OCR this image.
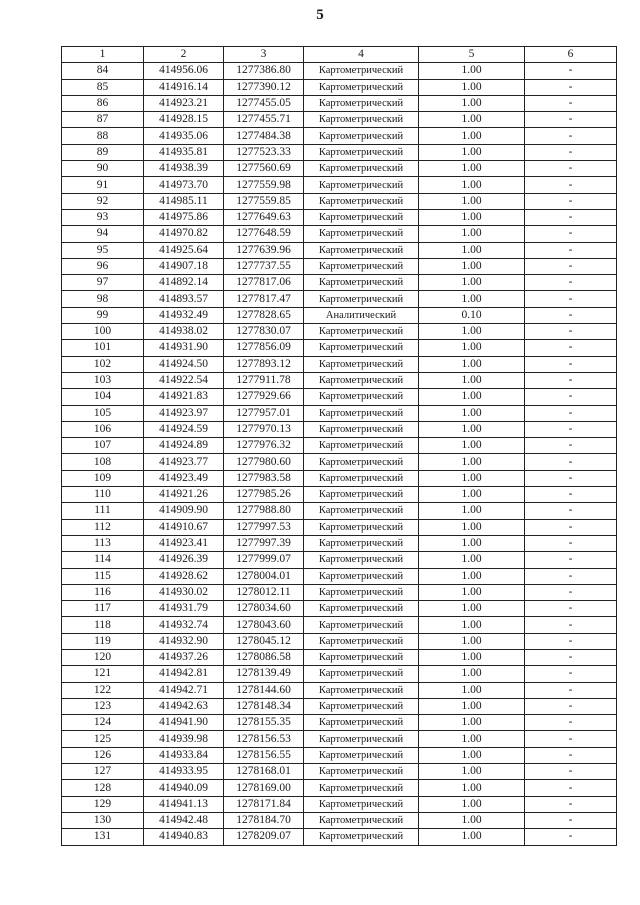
5
1	2	3	4	5	6
84	414956.06	1277386.80	Картометрический	1.00	-
85	414916.14	1277390.12	Картометрический	1.00	-
86	414923.21	1277455.05	Картометрический	1.00	-
87	414928.15	1277455.71	Картометрический	1.00	-
88	414935.06	1277484.38	Картометрический	1.00	-
89	414935.81	1277523.33	Картометрический	1.00	-
90	414938.39	1277560.69	Картометрический	1.00	-
91	414973.70	1277559.98	Картометрический	1.00	-
92	414985.11	1277559.85	Картометрический	1.00	-
93	414975.86	1277649.63	Картометрический	1.00	-
94	414970.82	1277648.59	Картометрический	1.00	-
95	414925.64	1277639.96	Картометрический	1.00	-
96	414907.18	1277737.55	Картометрический	1.00	-
97	414892.14	1277817.06	Картометрический	1.00	-
98	414893.57	1277817.47	Картометрический	1.00	-
99	414932.49	1277828.65	Аналитический	0.10	-
100	414938.02	1277830.07	Картометрический	1.00	-
101	414931.90	1277856.09	Картометрический	1.00	-
102	414924.50	1277893.12	Картометрический	1.00	-
103	414922.54	1277911.78	Картометрический	1.00	-
104	414921.83	1277929.66	Картометрический	1.00	-
105	414923.97	1277957.01	Картометрический	1.00	-
106	414924.59	1277970.13	Картометрический	1.00	-
107	414924.89	1277976.32	Картометрический	1.00	-
108	414923.77	1277980.60	Картометрический	1.00	-
109	414923.49	1277983.58	Картометрический	1.00	-
110	414921.26	1277985.26	Картометрический	1.00	-
111	414909.90	1277988.80	Картометрический	1.00	-
112	414910.67	1277997.53	Картометрический	1.00	-
113	414923.41	1277997.39	Картометрический	1.00	-
114	414926.39	1277999.07	Картометрический	1.00	-
115	414928.62	1278004.01	Картометрический	1.00	-
116	414930.02	1278012.11	Картометрический	1.00	-
117	414931.79	1278034.60	Картометрический	1.00	-
118	414932.74	1278043.60	Картометрический	1.00	-
119	414932.90	1278045.12	Картометрический	1.00	-
120	414937.26	1278086.58	Картометрический	1.00	-
121	414942.81	1278139.49	Картометрический	1.00	-
122	414942.71	1278144.60	Картометрический	1.00	-
123	414942.63	1278148.34	Картометрический	1.00	-
124	414941.90	1278155.35	Картометрический	1.00	-
125	414939.98	1278156.53	Картометрический	1.00	-
126	414933.84	1278156.55	Картометрический	1.00	-
127	414933.95	1278168.01	Картометрический	1.00	-
128	414940.09	1278169.00	Картометрический	1.00	-
129	414941.13	1278171.84	Картометрический	1.00	-
130	414942.48	1278184.70	Картометрический	1.00	-
131	414940.83	1278209.07	Картометрический	1.00	-
